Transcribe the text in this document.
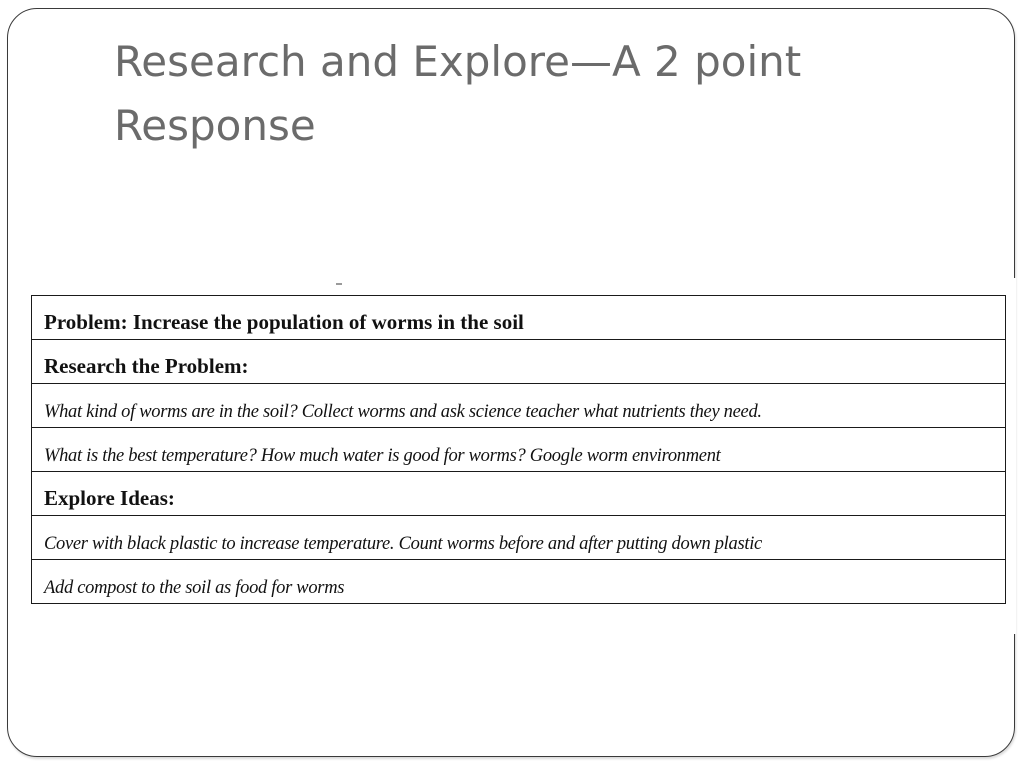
Research and Explore—A 2 point Response
Problem: Increase the population of worms in the soil

Research the Problem:

What kind of worms are in the soil? Collect worms and ask science teacher what nutrients they need.

What is the best temperature? How much water is good for worms? Google worm environment

Explore Ideas:

Cover with black plastic to increase temperature. Count worms before and after putting down plastic

Add compost to the soil as food for worms
